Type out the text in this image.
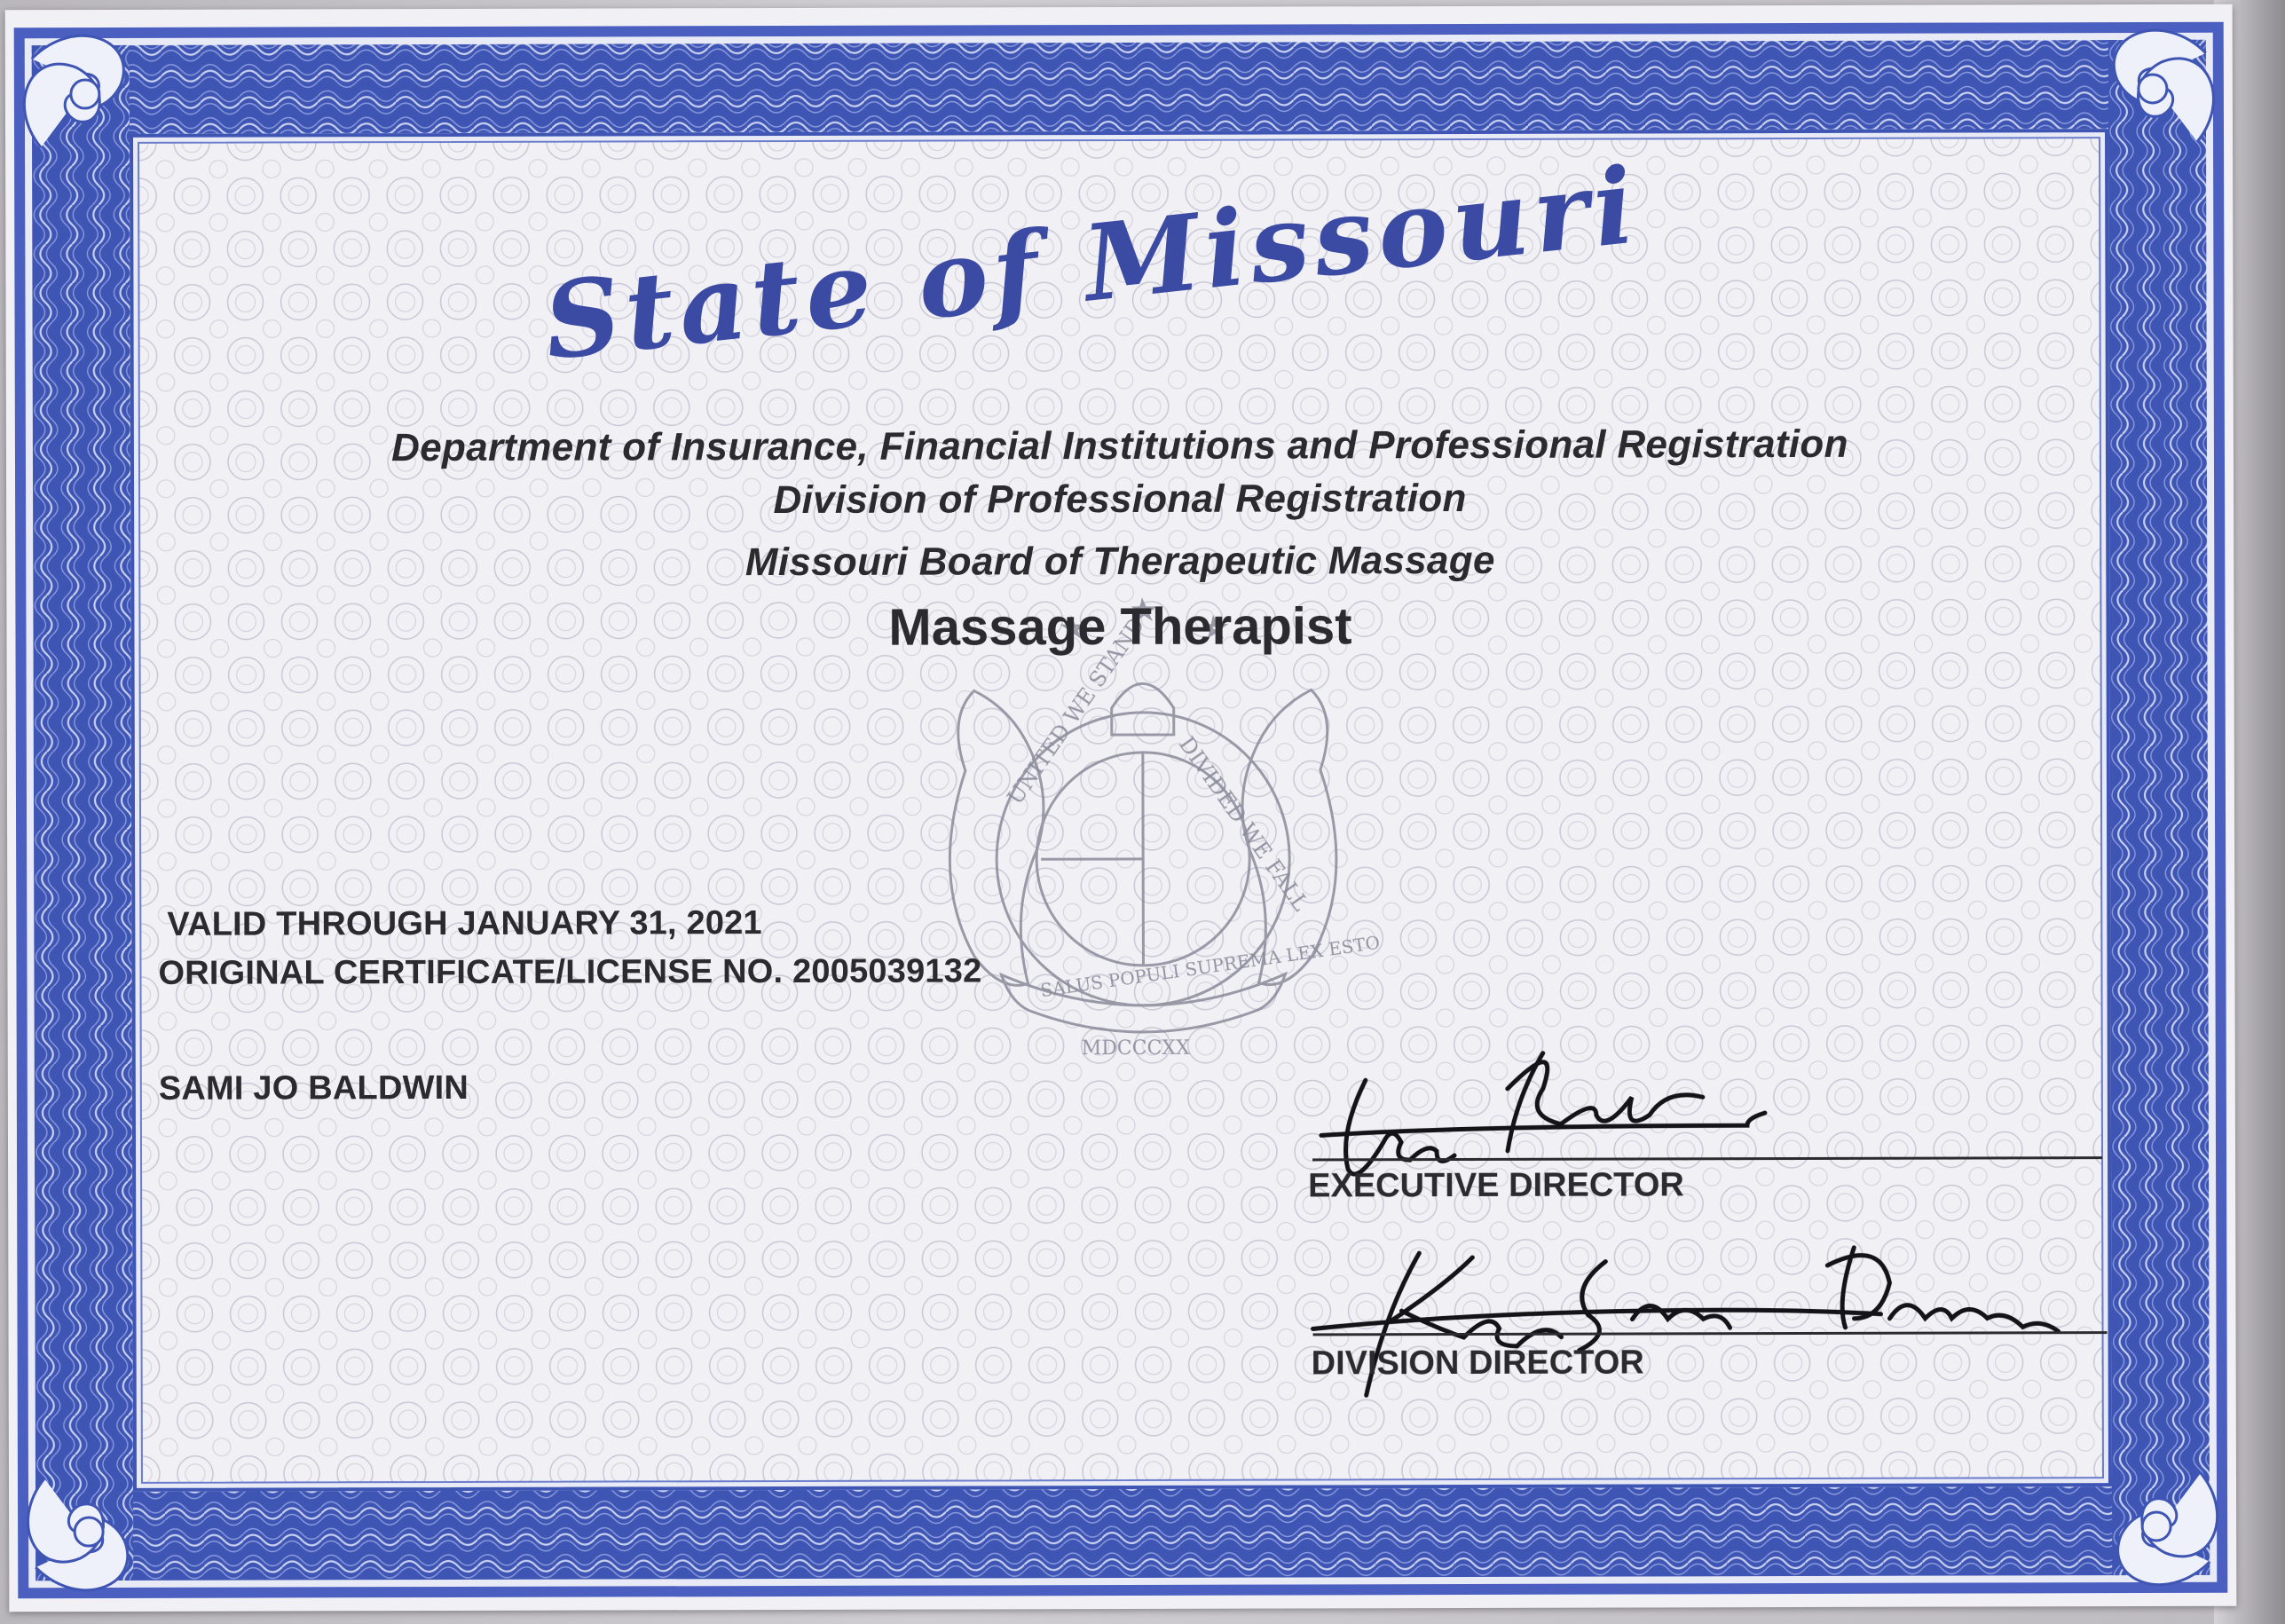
UNITED WE STAND
DIVIDED WE FALL
SALUS POPULI SUPREMA LEX ESTO
MDCCCXX
State of Missouri
Department of Insurance, Financial Institutions and Professional Registration
Division of Professional Registration
Missouri Board of Therapeutic Massage
Massage Therapist
VALID THROUGH JANUARY 31, 2021
ORIGINAL CERTIFICATE/LICENSE NO. 2005039132
SAMI JO BALDWIN
EXECUTIVE DIRECTOR
DIVISION DIRECTOR
